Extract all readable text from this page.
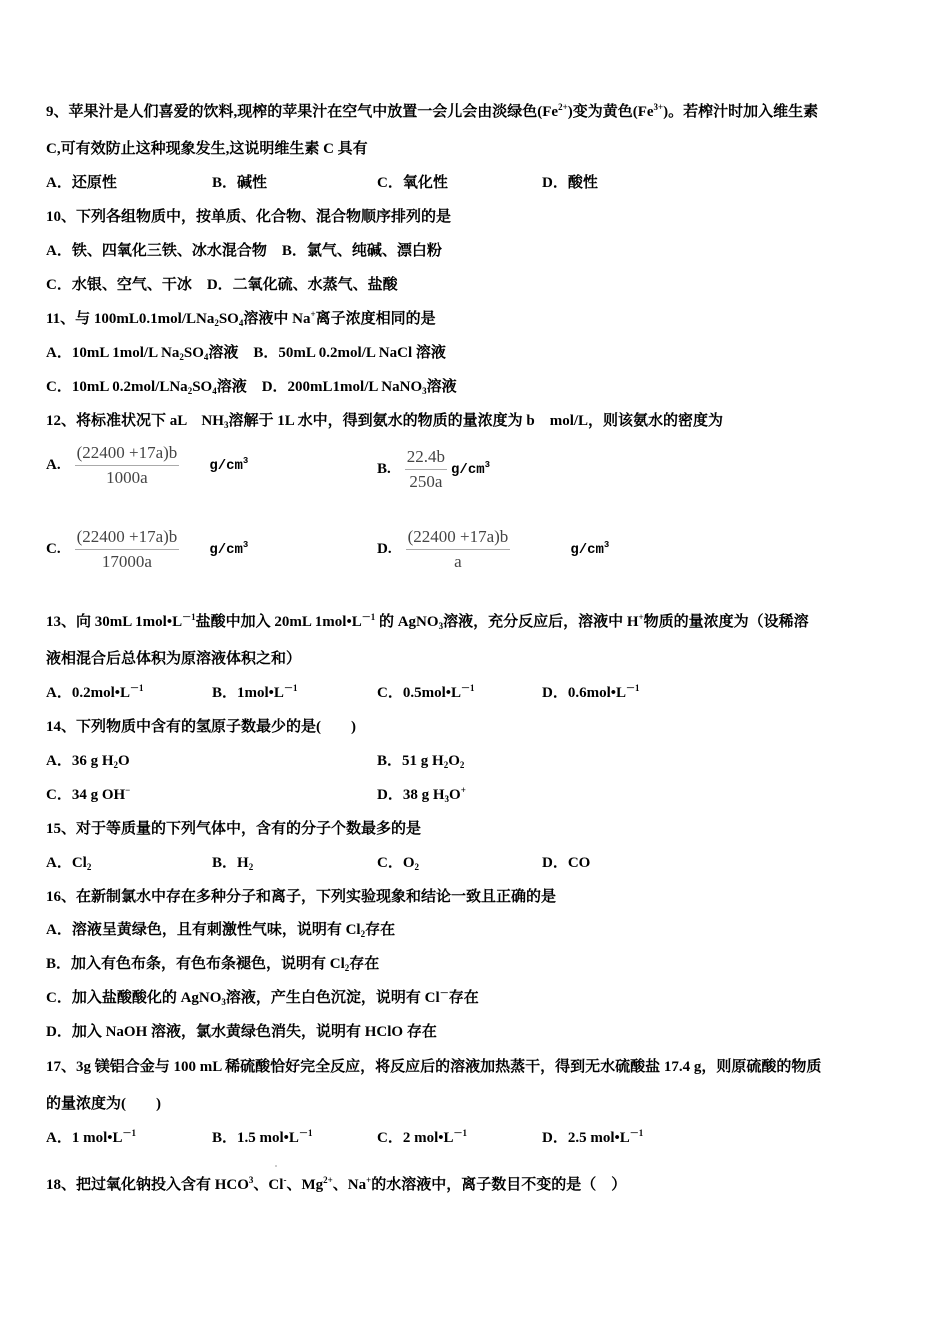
9、苹果汁是人们喜爱的饮料,现榨的苹果汁在空气中放置一会儿会由淡绿色$(Fe^{2+})$变为黄色$(Fe^{3+})$。若榨汁时加入维生素
C,可有效防止这种现象发生,这说明维生素 C 具有
A．还原性	B．碱性	C．氧化性	D．酸性
10、下列各组物质中，按单质、化合物、混合物顺序排列的是
A．铁、四氧化三铁、冰水混合物　B．氯气、纯碱、漂白粉
C．水银、空气、干冰　D．二氧化硫、水蒸气、盐酸
11、与 $100mL0.1mol/LNa_2SO_4$溶液中 Na+离子浓度相同的是
A．10mL 1mol/L $Na_2SO_4$溶液　B．50mL 0.2mol/L NaCl 溶液
C．10mL $0.2mol/LNa_2SO_4$溶液　D．200mL1mol/L NaNO$_3$溶液
12、将标准状况下 aL　$NH_3$溶解于 1L 水中，得到氨水的物质的量浓度为 b　mol/L，则该氨水的密度为
A. $\frac{(22400 +17a)b}{1000a} g/cm^3$
B. $\frac{22.4b}{250a} g/cm^3$
C. $\frac{(22400 +17a)b}{17000a} g/cm^3$	D. $\frac{(22400 +17a)b}{a}$	$g/cm^3$
13、向 30mL $1mol•L^{-1}$盐酸中加入 20mL $1mol•L^{-1}$ 的 AgNO$_3$溶液，充分反应后，溶液中 H+物质的量浓度为（设稀溶
液相混合后总体积为原溶液体积之和）
A．$0.2mol•L^{-1}$	B．$1mol•L^{-1}$	C．$0.5mol•L^{-1}$	D．$0.6mol•L^{-1}$
14、下列物质中含有的氢原子数最少的是(　　)
A．36 g $H_2O$	B．51 g $H_2O_2$
C．34 g OH−	D．38 g $H_3O^+$
15、对于等质量的下列气体中，含有的分子个数最多的是
A．$Cl_2$	B．$H_2$	C．$O_2$	D．CO
16、在新制氯水中存在多种分子和离子，下列实验现象和结论一致且正确的是
A．溶液呈黄绿色，且有刺激性气味，说明有 $Cl_2$存在
B．加入有色布条，有色布条褪色，说明有 $Cl_2$存在
C．加入盐酸酸化的 AgNO$_3$溶液，产生白色沉淀，说明有 Cl－存在
D．加入 NaOH 溶液，氯水黄绿色消失，说明有 HClO 存在
17、3g 镁铝合金与 100 mL 稀硫酸恰好完全反应，将反应后的溶液加热蒸干，得到无水硫酸盐 17.4 g，则原硫酸的物质
的量浓度为(　　)
A．1 $mol•L^{-1}$	B．1.5 $mol•L^{-1}$	C．2 $mol•L^{-1}$	D．2.5 $mol•L^{-1}$
18、把过氧化钠投入含有 HCO$^3$、Cl-、$Mg^{2+}$、Na+的水溶液中，离子数目不变的是（　）
